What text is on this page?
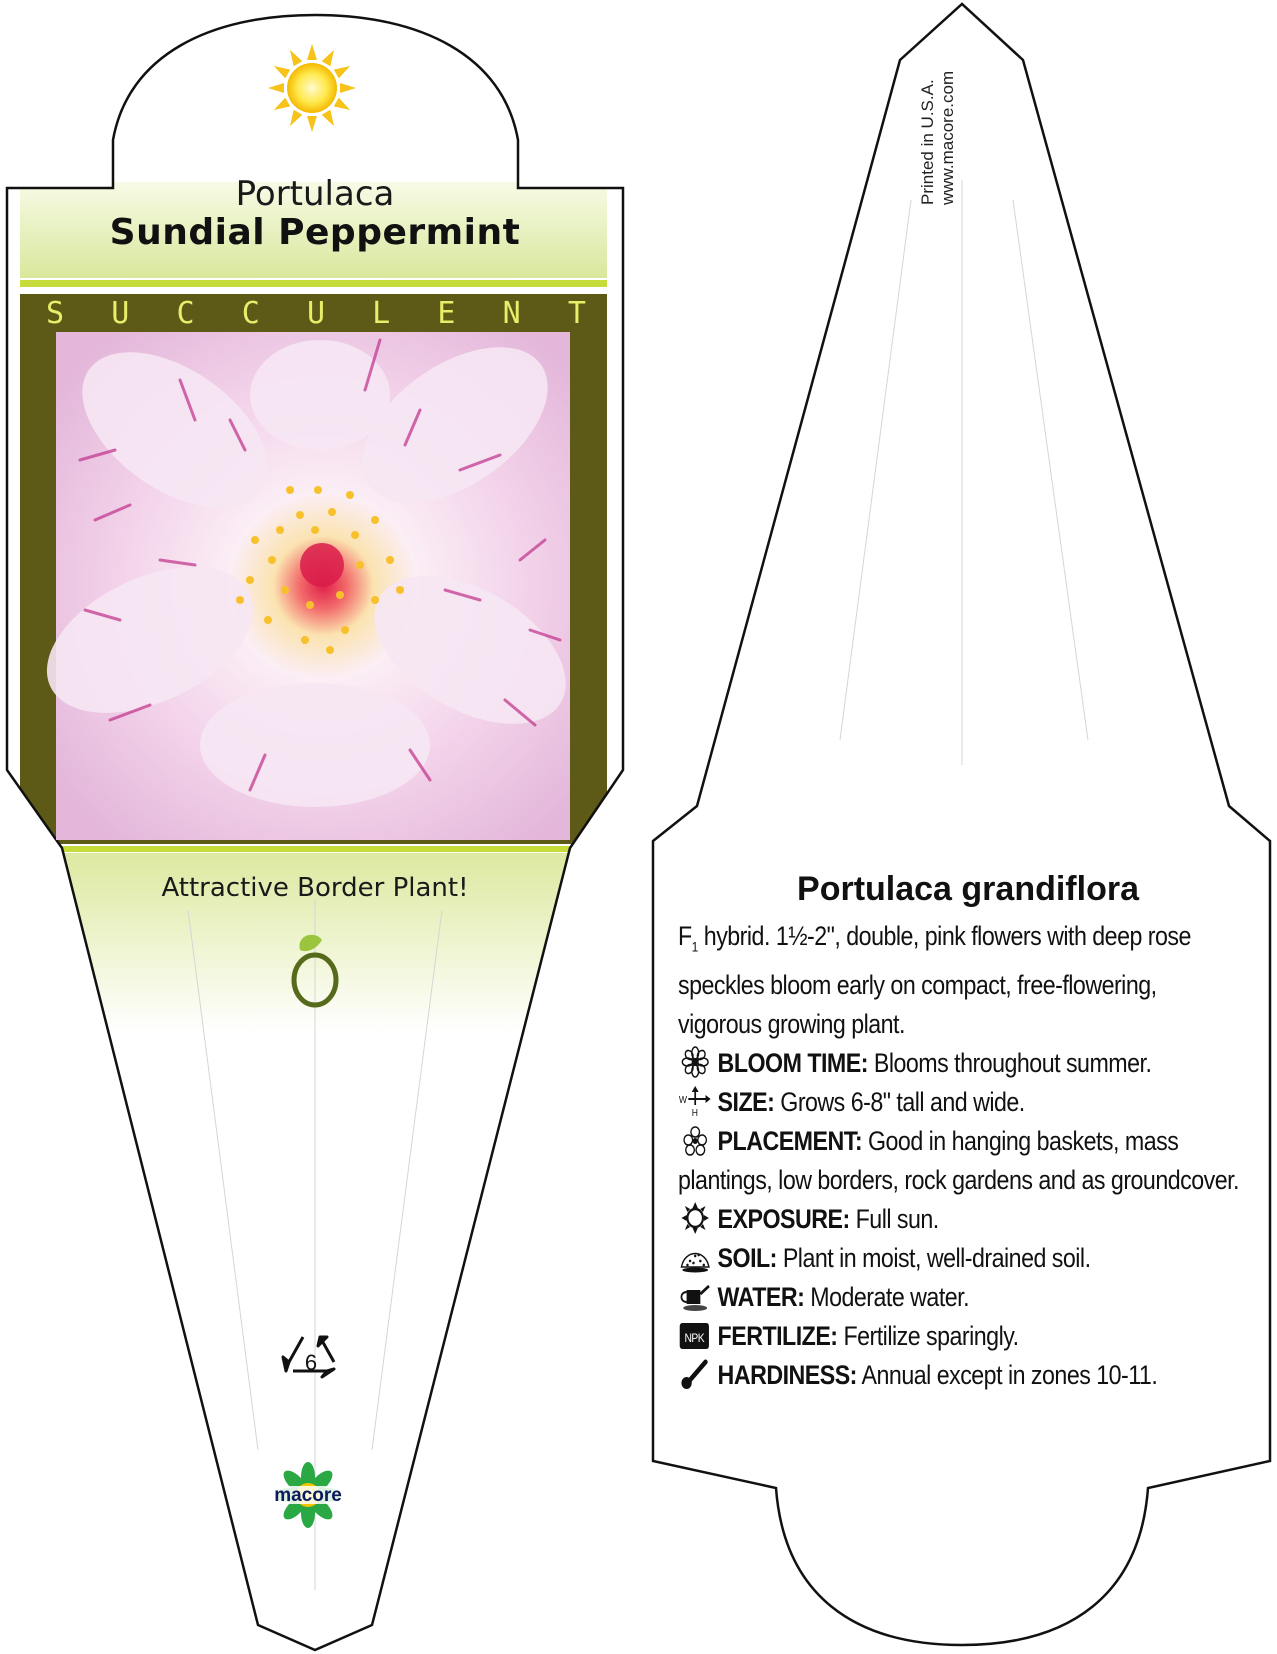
Portulaca
Sundial Peppermint
S U C C U L E N T
Attractive Border Plant!
6
macore
Printed in U.S.A. www.macore.com
Portulaca grandiflora
$F_1$ hybrid. 1½-2", double, pink flowers with deep rose speckles bloom early on compact, free-flowering, vigorous growing plant.
BLOOM TIME: Blooms throughout summer.
W
H SIZE: Grows 6-8" tall and wide.
PLACEMENT: Good in hanging baskets, mass plantings, low borders, rock gardens and as groundcover.
EXPOSURE: Full sun.
SOIL: Plant in moist, well-drained soil.
WATER: Moderate water.
NPK FERTILIZE: Fertilize sparingly.
HARDINESS: Annual except in zones 10-11.
